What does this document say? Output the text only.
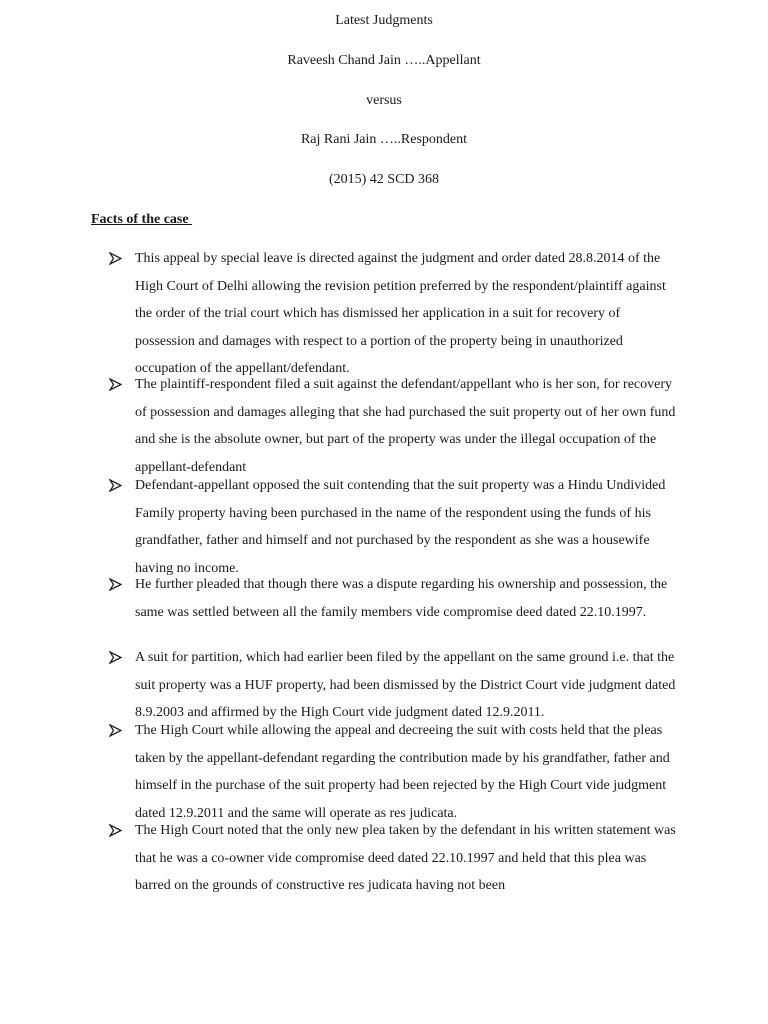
Latest Judgments
Raveesh Chand Jain …..Appellant
versus
Raj Rani Jain …..Respondent
(2015) 42 SCD 368
Facts of the case
This appeal by special leave is directed against the judgment and order dated 28.8.2014 of the High Court of Delhi allowing the revision petition preferred by the respondent/plaintiff against the order of the trial court which has dismissed her application in a suit for recovery of possession and damages with respect to a portion of the property being in unauthorized occupation of the appellant/defendant.
The plaintiff-respondent filed a suit against the defendant/appellant who is her son, for recovery of possession and damages alleging that she had purchased the suit property out of her own fund and she is the absolute owner, but part of the property was under the illegal occupation of the appellant-defendant
Defendant-appellant opposed the suit contending that the suit property was a Hindu Undivided Family property having been purchased in the name of the respondent using the funds of his grandfather, father and himself and not purchased by the respondent as she was a housewife having no income.
He further pleaded that though there was a dispute regarding his ownership and possession, the same was settled between all the family members vide compromise deed dated 22.10.1997.
A suit for partition, which had earlier been filed by the appellant on the same ground i.e. that the suit property was a HUF property, had been dismissed by the District Court vide judgment dated 8.9.2003 and affirmed by the High Court vide judgment dated 12.9.2011.
The High Court while allowing the appeal and decreeing the suit with costs held that the pleas taken by the appellant-defendant regarding the contribution made by his grandfather, father and himself in the purchase of the suit property had been rejected by the High Court vide judgment dated 12.9.2011 and the same will operate as res judicata.
The High Court noted that the only new plea taken by the defendant in his written statement was that he was a co-owner vide compromise deed dated 22.10.1997 and held that this plea was barred on the grounds of constructive res judicata having not been
